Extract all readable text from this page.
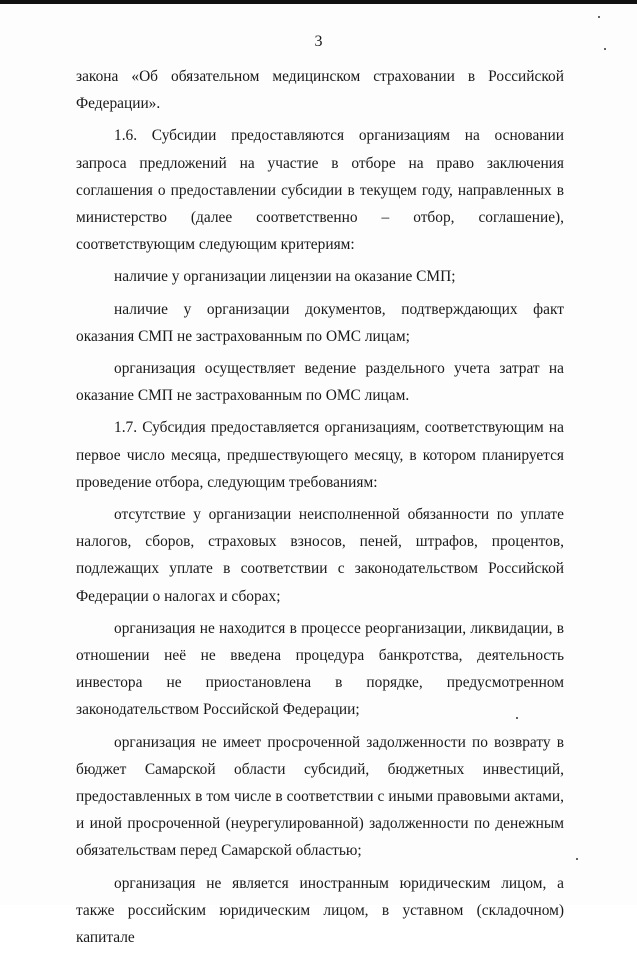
3

закона «Об обязательном медицинском страховании в Российской Федерации».

1.6. Субсидии предоставляются организациям на основании запроса предложений на участие в отборе на право заключения соглашения о предоставлении субсидии в текущем году, направленных в министерство (далее соответственно – отбор, соглашение), соответствующим следующим критериям:

наличие у организации лицензии на оказание СМП;

наличие у организации документов, подтверждающих факт оказания СМП не застрахованным по ОМС лицам;

организация осуществляет ведение раздельного учета затрат на оказание СМП не застрахованным по ОМС лицам.

1.7. Субсидия предоставляется организациям, соответствующим на первое число месяца, предшествующего месяцу, в котором планируется проведение отбора, следующим требованиям:

отсутствие у организации неисполненной обязанности по уплате налогов, сборов, страховых взносов, пеней, штрафов, процентов, подлежащих уплате в соответствии с законодательством Российской Федерации о налогах и сборах;

организация не находится в процессе реорганизации, ликвидации, в отношении неё не введена процедура банкротства, деятельность инвестора не приостановлена в порядке, предусмотренном законодательством Российской Федерации;

организация не имеет просроченной задолженности по возврату в бюджет Самарской области субсидий, бюджетных инвестиций, предоставленных в том числе в соответствии с иными правовыми актами, и иной просроченной (неурегулированной) задолженности по денежным обязательствам перед Самарской областью;

организация не является иностранным юридическим лицом, а также российским юридическим лицом, в уставном (складочном) капитале
